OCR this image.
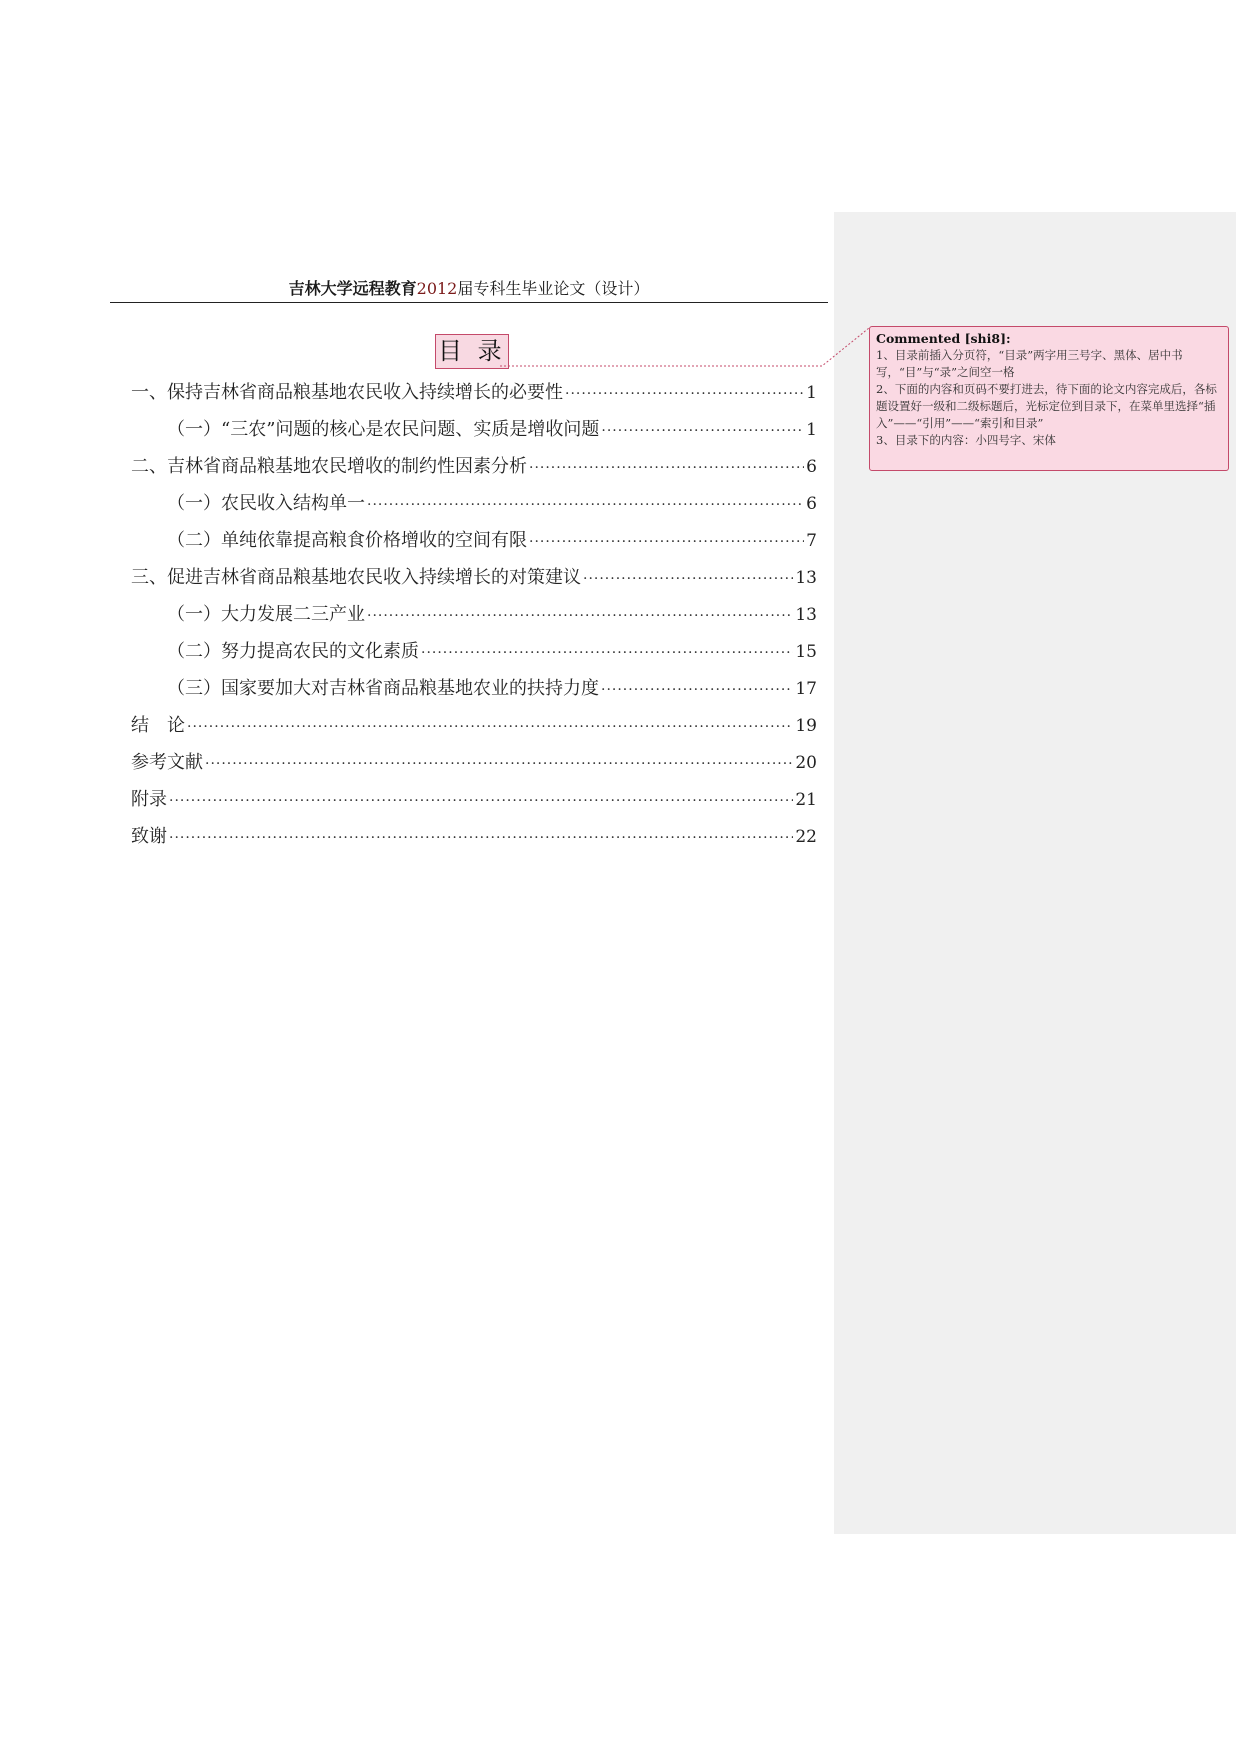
吉林大学远程教育2012届专科生毕业论文（设计）
目 录
一、保持吉林省商品粮基地农民收入持续增长的必要性 ·····	1
（一）“三农”问题的核心是农民问题、实质是增收问题 ·····	1
二、吉林省商品粮基地农民增收的制约性因素分析 ·····	6
（一）农民收入结构单一 ·····	6
（二）单纯依靠提高粮食价格增收的空间有限 ·····	7
三、促进吉林省商品粮基地农民收入持续增长的对策建议 ·····	13
（一）大力发展二三产业 ·····	13
（二）努力提高农民的文化素质 ·····	15
（三）国家要加大对吉林省商品粮基地农业的扶持力度 ·····	17
结　论 ·····	19
参考文献 ·····	20
附录 ·····	21
致谢 ·····	22
Commented [shi8]:
1、目录前插入分页符，“目录”两字用三号字、黑体、居中书写，“目”与“录”之间空一格
2、下面的内容和页码不要打进去，待下面的论文内容完成后，各标题设置好一级和二级标题后，光标定位到目录下，在菜单里选择“插入”——“引用”——“索引和目录”
3、目录下的内容：小四号字、宋体
